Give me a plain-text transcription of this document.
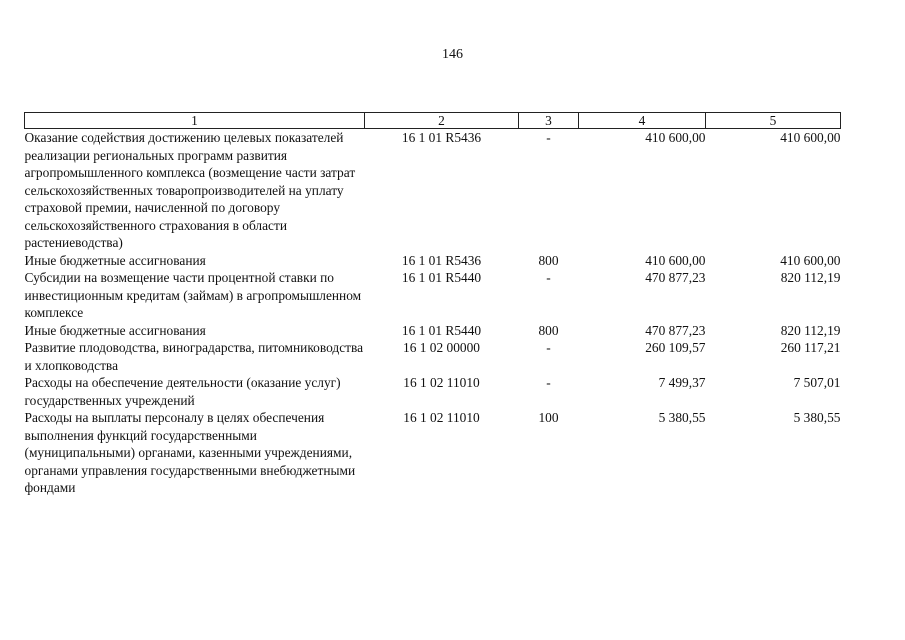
146
1	2	3	4	5
Оказание содействия достижению целевых показателей реализации региональных программ развития агропромышленного комплекса (возмещение части затрат сельскохозяйственных товаропроизводителей на уплату страховой премии, начисленной по договору сельскохозяйственного страхования в области растениеводства)	16 1 01 R5436	-	410 600,00	410 600,00
Иные бюджетные ассигнования	16 1 01 R5436	800	410 600,00	410 600,00
Субсидии на возмещение части процентной ставки по инвестиционным кредитам (займам) в агропромышленном комплексе	16 1 01 R5440	-	470 877,23	820 112,19
Иные бюджетные ассигнования	16 1 01 R5440	800	470 877,23	820 112,19
Развитие плодоводства, виноградарства, питомниководства и хлопководства	16 1 02 00000	-	260 109,57	260 117,21
Расходы на обеспечение деятельности (оказание услуг) государственных учреждений	16 1 02 11010	-	7 499,37	7 507,01
Расходы на выплаты персоналу в целях обеспечения выполнения функций государственными (муниципальными) органами, казенными учреждениями, органами управления государственными внебюджетными фондами	16 1 02 11010	100	5 380,55	5 380,55
